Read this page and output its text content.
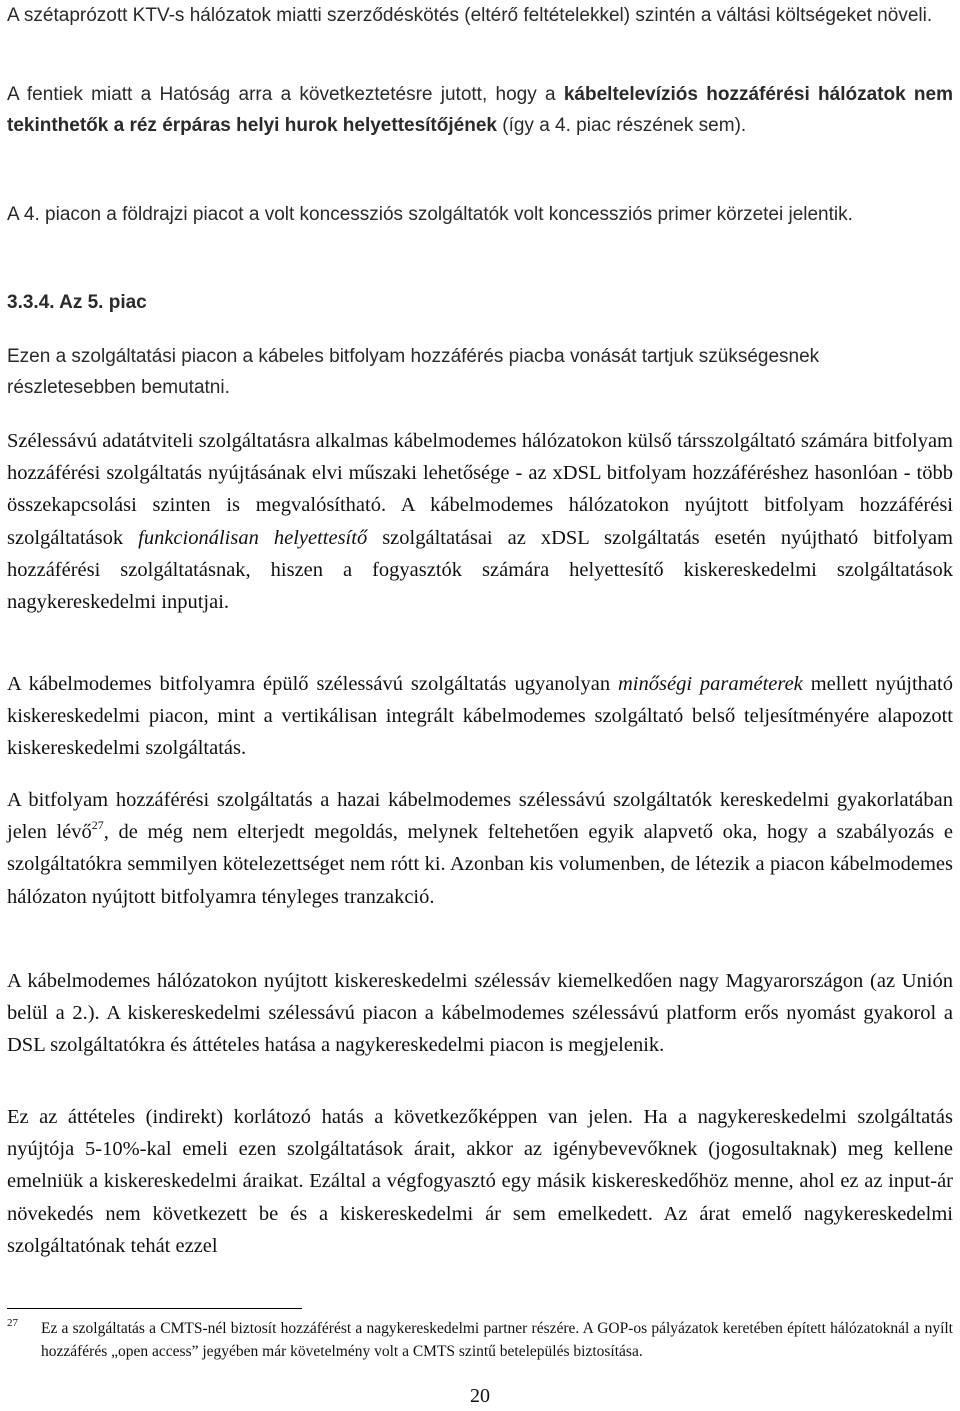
A szétaprózott KTV-s hálózatok miatti szerződéskötés (eltérő feltételekkel) szintén a váltási költségeket növeli.

A fentiek miatt a Hatóság arra a következtetésre jutott, hogy a kábeltelevíziós hozzáférési hálózatok nem tekinthetők a réz érpáras helyi hurok helyettesítőjének (így a 4. piac részének sem).

A 4. piacon a földrajzi piacot a volt koncessziós szolgáltatók volt koncessziós primer körzetei jelentik.

3.3.4. Az 5. piac

Ezen a szolgáltatási piacon a kábeles bitfolyam hozzáférés piacba vonását tartjuk szükségesnek részletesebben bemutatni.

Szélessávú adatátviteli szolgáltatásra alkalmas kábelmodemes hálózatokon külső társszolgáltató számára bitfolyam hozzáférési szolgáltatás nyújtásának elvi műszaki lehetősége - az xDSL bitfolyam hozzáféréshez hasonlóan - több összekapcsolási szinten is megvalósítható. A kábelmodemes hálózatokon nyújtott bitfolyam hozzáférési szolgáltatások funkcionálisan helyettesítő szolgáltatásai az xDSL szolgáltatás esetén nyújtható bitfolyam hozzáférési szolgáltatásnak, hiszen a fogyasztók számára helyettesítő kiskereskedelmi szolgáltatások nagykereskedelmi inputjai.

A kábelmodemes bitfolyamra épülő szélessávú szolgáltatás ugyanolyan minőségi paraméterek mellett nyújtható kiskereskedelmi piacon, mint a vertikálisan integrált kábelmodemes szolgáltató belső teljesítményére alapozott kiskereskedelmi szolgáltatás.

A bitfolyam hozzáférési szolgáltatás a hazai kábelmodemes szélessávú szolgáltatók kereskedelmi gyakorlatában jelen lévő$^{27}$, de még nem elterjedt megoldás, melynek feltehetően egyik alapvető oka, hogy a szabályozás e szolgáltatókra semmilyen kötelezettséget nem rótt ki. Azonban kis volumenben, de létezik a piacon kábelmodemes hálózaton nyújtott bitfolyamra tényleges tranzakció.

A kábelmodemes hálózatokon nyújtott kiskereskedelmi szélessáv kiemelkedően nagy Magyarországon (az Unión belül a 2.). A kiskereskedelmi szélessávú piacon a kábelmodemes szélessávú platform erős nyomást gyakorol a DSL szolgáltatókra és áttételes hatása a nagykereskedelmi piacon is megjelenik.

Ez az áttételes (indirekt) korlátozó hatás a következőképpen van jelen. Ha a nagykereskedelmi szolgáltatás nyújtója 5-10%-kal emeli ezen szolgáltatások árait, akkor az igénybevevőknek (jogosultaknak) meg kellene emelniük a kiskereskedelmi áraikat. Ezáltal a végfogyasztó egy másik kiskereskedőhöz menne, ahol ez az input-ár növekedés nem következett be és a kiskereskedelmi ár sem emelkedett. Az árat emelő nagykereskedelmi szolgáltatónak tehát ezzel

27	Ez a szolgáltatás a CMTS-nél biztosít hozzáférést a nagykereskedelmi partner részére. A GOP-os pályázatok keretében épített hálózatoknál a nyílt hozzáférés „open access” jegyében már követelmény volt a CMTS szintű betelepülés biztosítása.

20
